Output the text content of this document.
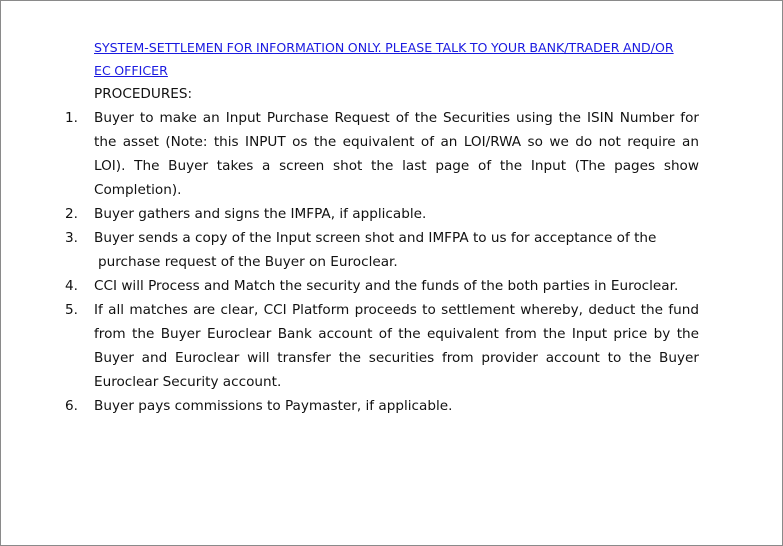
SYSTEM-SETTLEMEN FOR INFORMATION ONLY. PLEASE TALK TO YOUR BANK/TRADER AND/OR
EC OFFICER
PROCEDURES:
1.	Buyer to make an Input Purchase Request of the Securities using the ISIN Number for the asset (Note: this INPUT os the equivalent of an LOI/RWA so we do not require an LOI). The Buyer takes a screen shot the last page of the Input (The pages show Completion).
2.	Buyer gathers and signs the IMFPA, if applicable.
3.	Buyer sends a copy of the Input screen shot and IMFPA to us for acceptance of the
purchase request of the Buyer on Euroclear.
4.	CCI will Process and Match the security and the funds of the both parties in Euroclear.
5.	If all matches are clear, CCI Platform proceeds to settlement whereby, deduct the fund from the Buyer Euroclear Bank account of the equivalent from the Input price by the Buyer and Euroclear will transfer the securities from provider account to the Buyer Euroclear Security account.
6.	Buyer pays commissions to Paymaster, if applicable.
